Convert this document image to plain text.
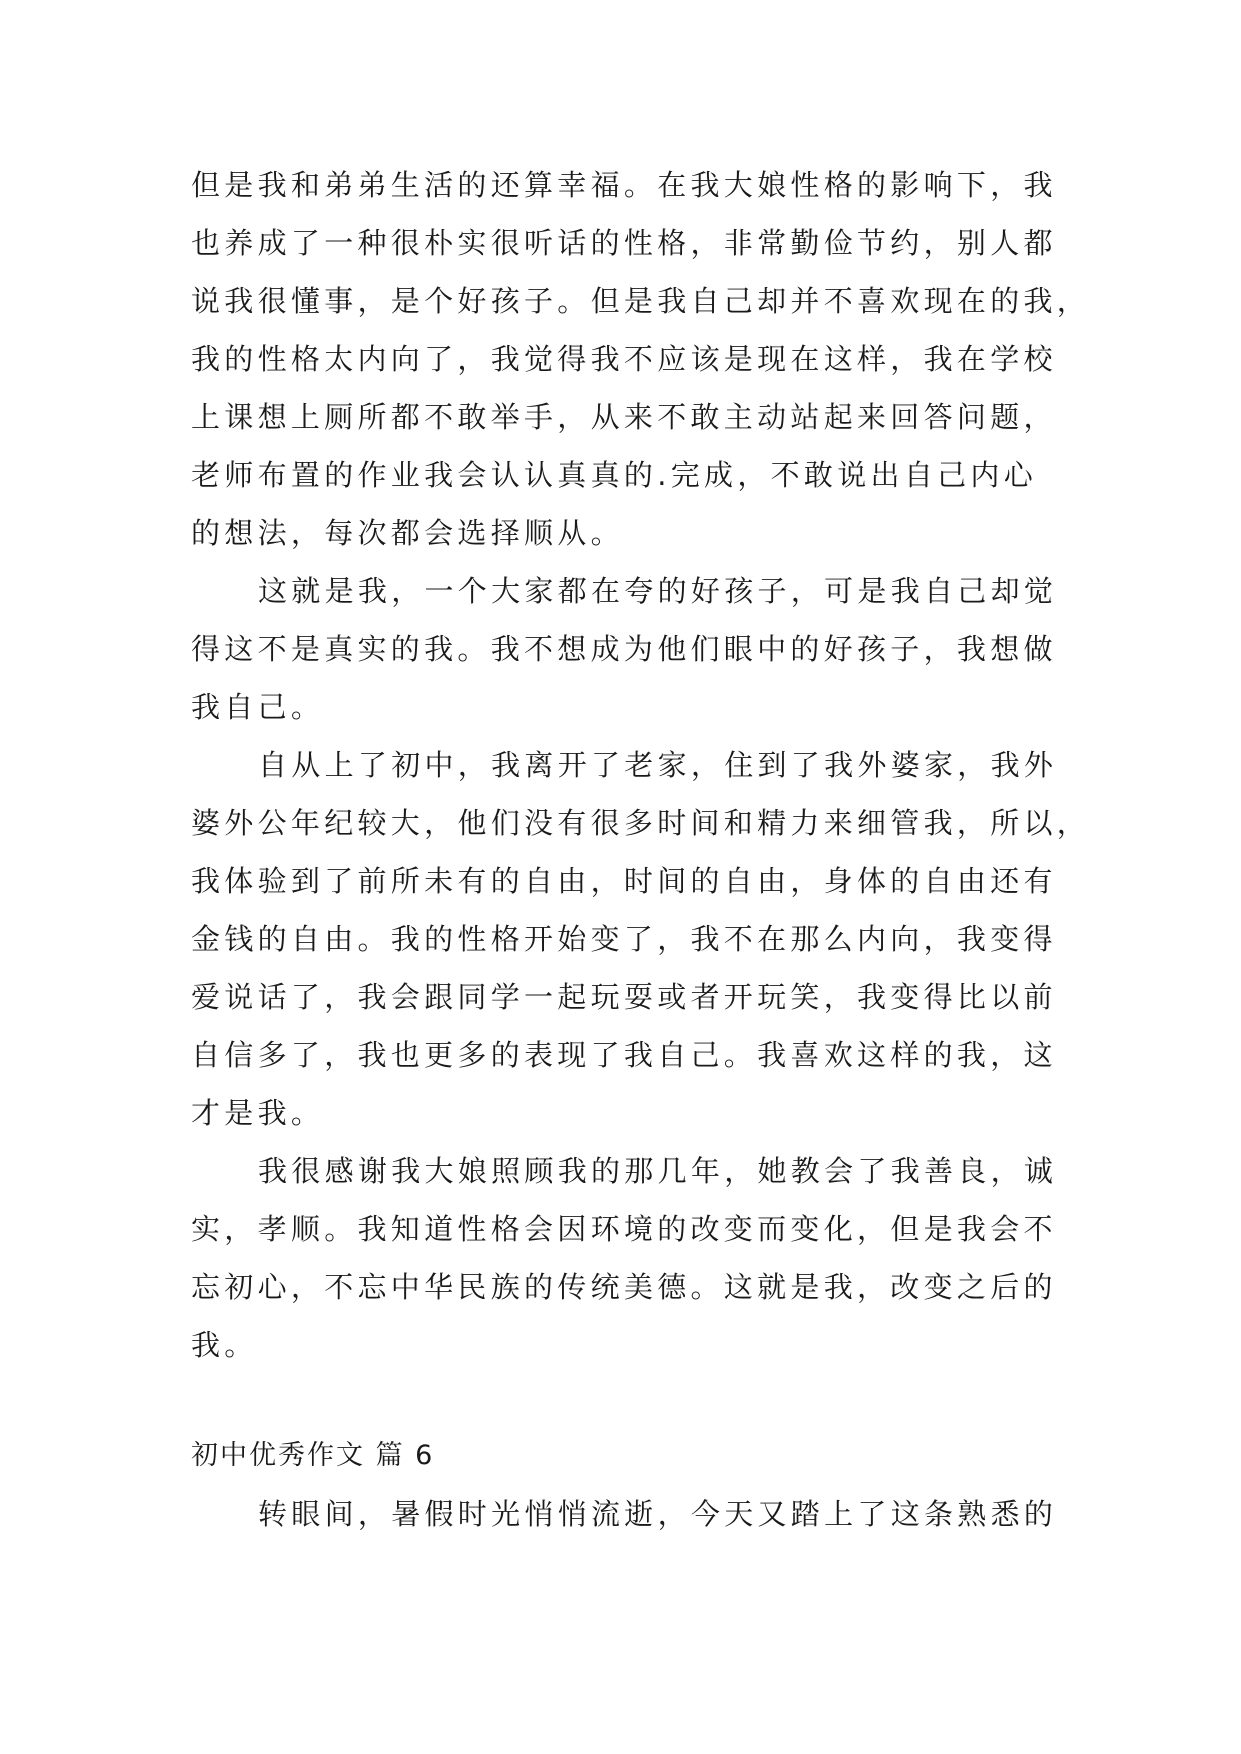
但是我和弟弟生活的还算幸福。在我大娘性格的影响下，我

也养成了一种很朴实很听话的性格，非常勤俭节约，别人都

说我很懂事，是个好孩子。但是我自己却并不喜欢现在的我，

我的性格太内向了，我觉得我不应该是现在这样，我在学校

上课想上厕所都不敢举手，从来不敢主动站起来回答问题，

老师布置的作业我会认认真真的.完成，不敢说出自己内心

的想法，每次都会选择顺从。

这就是我，一个大家都在夸的好孩子，可是我自己却觉

得这不是真实的我。我不想成为他们眼中的好孩子，我想做

我自己。

自从上了初中，我离开了老家，住到了我外婆家，我外

婆外公年纪较大，他们没有很多时间和精力来细管我，所以，

我体验到了前所未有的自由，时间的自由，身体的自由还有

金钱的自由。我的性格开始变了，我不在那么内向，我变得

爱说话了，我会跟同学一起玩耍或者开玩笑，我变得比以前

自信多了，我也更多的表现了我自己。我喜欢这样的我，这

才是我。

我很感谢我大娘照顾我的那几年，她教会了我善良，诚

实，孝顺。我知道性格会因环境的改变而变化，但是我会不

忘初心，不忘中华民族的传统美德。这就是我，改变之后的

我。

初中优秀作文 篇 6

转眼间，暑假时光悄悄流逝，今天又踏上了这条熟悉的
